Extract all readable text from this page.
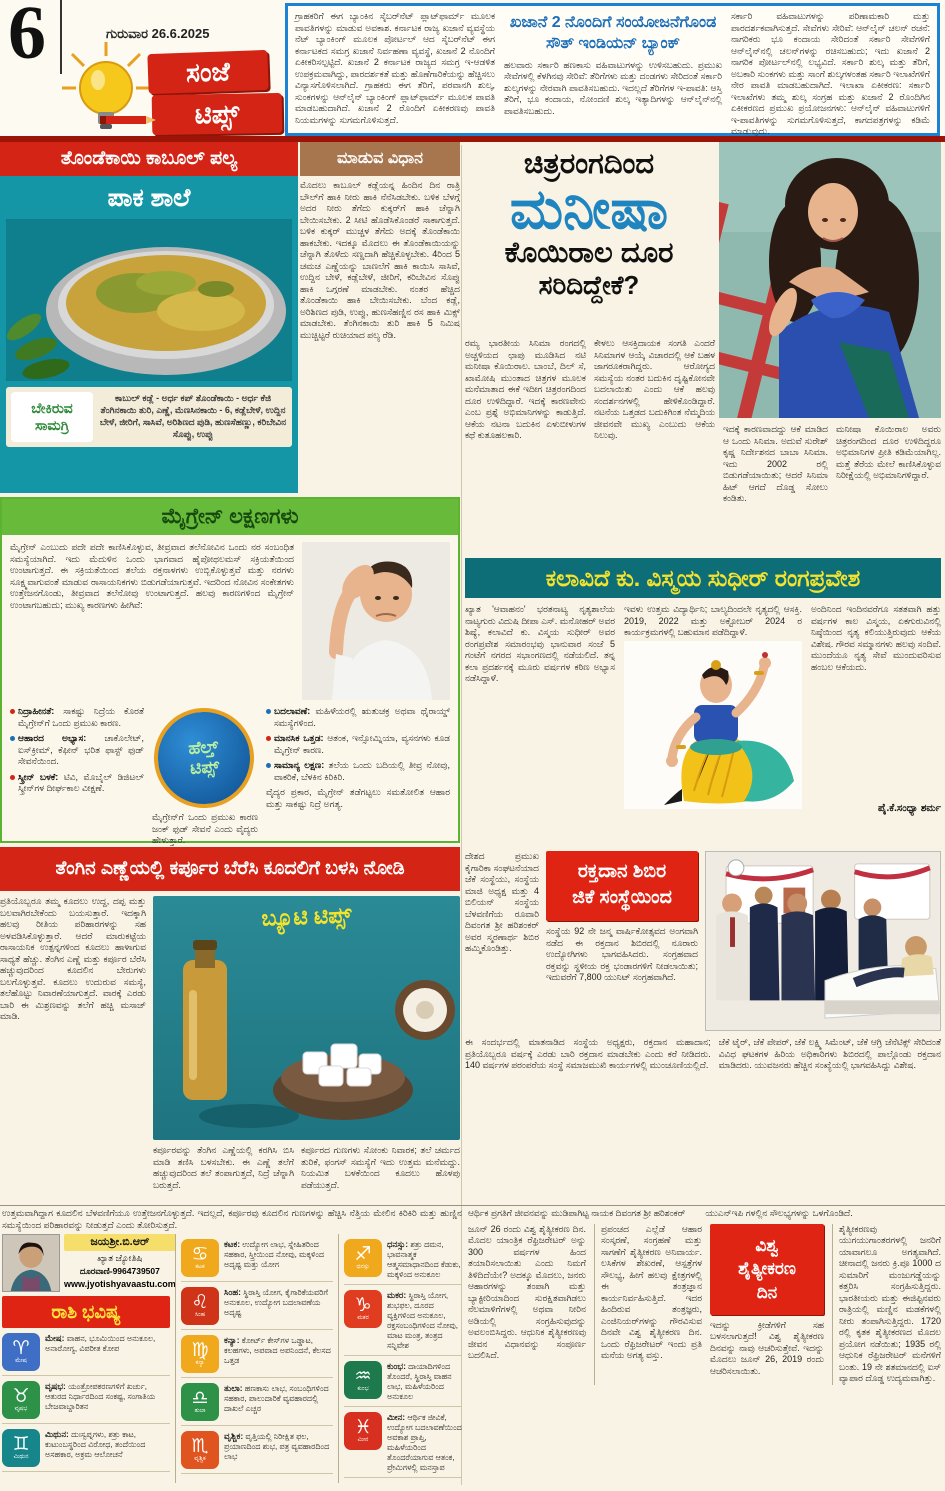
6	ಗುರುವಾರ 26.6.2025
ಸಂಜೆ
ಟಿಪ್ಸ್

ಗ್ರಾಹಕರಿಗೆ ಈಗ ಬ್ಯಾಂಕಿನ ಸೈಬರ್‌ನೆಟ್ ಪ್ಲಾಟ್‌ಫಾರ್ಮ್ ಮೂಲಕ ಪಾವತಿಗಳನ್ನು ಮಾಡುವ ಅವಕಾಶ. ಕರ್ನಾಟಕ ರಾಜ್ಯ ಖಜಾನೆ ವ್ಯವಸ್ಥೆಯ ನೆಟ್ ಬ್ಯಾಂಕಿಂಗ್ ಮೂಲಕ ಪೋರ್ಟಲ್ ಆದ ಸೈಬರ್‌ನೆಟ್ ಈಗ ಕರ್ನಾಟಕದ ಸಮಗ್ರ ಖಜಾನೆ ನಿರ್ವಹಣಾ ವ್ಯವಸ್ಥೆ, ಖಜಾನೆ 2 ನೊಂದಿಗೆ ಏಕೀಕರಿಸಲ್ಪಟ್ಟಿದೆ. ಖಜಾನೆ 2 ಕರ್ನಾಟಕ ರಾಜ್ಯದ ಸಮಗ್ರ ಇ-ಆಡಳಿತ ಉಪಕ್ರಮವಾಗಿದ್ದು, ಪಾರದರ್ಶಕತೆ ಮತ್ತು ಹೊಣೆಗಾರಿಕೆಯನ್ನು ಹೆಚ್ಚಿಸಲು ವಿನ್ಯಾಸಗೊಳಿಸಲಾಗಿದೆ. ಗ್ರಾಹಕರು ಈಗ ತೆರಿಗೆ, ಪರವಾನಗಿ ಶುಲ್ಕ, ಸುಂಕಗಳನ್ನು ಆನ್‌ಲೈನ್ ಬ್ಯಾಂಕಿಂಗ್ ಪ್ಲಾಟ್‌ಫಾರ್ಮ್ ಮೂಲಕ ಪಾವತಿ ಮಾಡಬಹುದಾಗಿದೆ. ಖಜಾನೆ 2 ರೊಂದಿಗೆ ಏಕೀಕರಣವು ಪಾವತಿ ನಿಯಮಗಳನ್ನು ಸುಗಮಗೊಳಿಸುತ್ತದೆ.

ಖಜಾನೆ 2 ನೊಂದಿಗೆ ಸಂಯೋಜನೆಗೊಂಡ ಸೌತ್ ಇಂಡಿಯನ್ ಬ್ಯಾಂಕ್

ಹಲವಾರು ಸರ್ಕಾರಿ ಹಣಕಾಸು ವಹಿವಾಟುಗಳನ್ನು ಉಳಿಸಬಹುದು. ಪ್ರಮುಖ ಸೇವೆಗಳಲ್ಲಿ ಕೆಳಗಿನವು ಸೇರಿವೆ: ತೆರಿಗೆಗಳು ಮತ್ತು ದಂಡಗಳು ಸೇರಿದಂತೆ ಸರ್ಕಾರಿ ಶುಲ್ಕಗಳನ್ನು ನೇರವಾಗಿ ಪಾವತಿಸಬಹುದು. ಇದಲ್ಲದೆ ತೆರಿಗೆಗಳ ಇ-ಪಾವತಿ: ಆಸ್ತಿ ತೆರಿಗೆ, ಭೂ ಕಂದಾಯ, ನೋಂದಣಿ ಶುಲ್ಕ ಇತ್ಯಾದಿಗಳನ್ನು ಆನ್‌ಲೈನ್‌ನಲ್ಲಿ ಪಾವತಿಸಬಹುದು.

ಸರ್ಕಾರಿ ವಹಿವಾಟುಗಳನ್ನು ಪರಿಣಾಮಕಾರಿ ಮತ್ತು ಪಾರದರ್ಶಕವಾಗಿಸುತ್ತದೆ. ಸೇವೆಗಳು ಸೇರಿವೆ: ಆನ್‌ಲೈನ್ ಚಲನ್ ರಚನೆ: ನಾಗರಿಕರು ಭೂ ಕಂದಾಯ ಸೇರಿದಂತೆ ಸರ್ಕಾರಿ ಸೇವೆಗಳಿಗೆ ಆನ್‌ಲೈನ್‌ನಲ್ಲಿ ಚಲನ್‌ಗಳನ್ನು ರಚಿಸಬಹುದು; ಇದು ಖಜಾನೆ 2 ನಾಗರಿಕ ಪೋರ್ಟಲ್‌ನಲ್ಲಿ ಲಭ್ಯವಿದೆ. ಸರ್ಕಾರಿ ಶುಲ್ಕ ಮತ್ತು ತೆರಿಗೆ, ಅಬಕಾರಿ ಸುಂಕಗಳು ಮತ್ತು ಸಾಂಗೆ ಶುಲ್ಕಗಳಂತಹ ಸರ್ಕಾರಿ ಇಲಾಖೆಗಳಿಗೆ ನೇರ ಪಾವತಿ ಮಾಡಬಹುದಾಗಿದೆ. ಇಲಾಖಾ ಏಕೀಕರಣ: ಸರ್ಕಾರಿ ಇಲಾಖೆಗಳು ತಮ್ಮ ಶುಲ್ಕ ಸಂಗ್ರಹ ಮತ್ತು ಖಜಾನೆ 2 ರೊಂದಿಗಿನ ಏಕೀಕರಣದ ಪ್ರಮುಖ ಪ್ರಯೋಜನಗಳು: ಆನ್‌ಲೈನ್ ವಹಿವಾಟುಗಳಿಗೆ ಇ-ಪಾವತಿಗಳನ್ನು ಸುಗಮಗೊಳಿಸುತ್ತದೆ, ಕಾಗದಪತ್ರಗಳನ್ನು ಕಡಿಮೆ ಮಾಡುವುದು.

ತೊಂಡೆಕಾಯಿ ಕಾಬೂಲ್ ಪಲ್ಯ
ಪಾಕ ಶಾಲೆ
ಬೇಕಿರುವ ಸಾಮಗ್ರಿ
ಕಾಬುಲ್ ಕಡ್ಲೆ - ಅರ್ಧ ಕಪ್ ತೊಂಡೆಕಾಯಿ - ಅರ್ಧ ಕೆಜಿ ತೆಂಗಿನಕಾಯಿ ತುರಿ, ಎಣ್ಣೆ, ಮೆಣಸಿನಕಾಯಿ - 6, ಕಡ್ಲೆಬೇಳೆ, ಉದ್ದಿನ ಬೇಳೆ, ಜೀರಿಗೆ, ಸಾಸಿವೆ, ಅರಿಶಿಣದ ಪುಡಿ, ಹುಣಸೆಹಣ್ಣು, ಕರಿಬೇವಿನ ಸೊಪ್ಪು, ಉಪ್ಪು
ಮಾಡುವ ವಿಧಾನ

ಮೊದಲು ಕಾಬೂಲ್ ಕಡ್ಲೆಯನ್ನ ಹಿಂದಿನ ದಿನ ರಾತ್ರಿ ಬೌಲ್‌ಗೆ ಹಾಕಿ ನೀರು ಹಾಕಿ ನೆನೆಸಿಡಬೇಕು. ಬಳಿಕ ಬೆಳಗ್ಗೆ ಅದರ ನೀರು ತೆಗೆದು ಕುಕ್ಕರ್‌ಗೆ ಹಾಕಿ ಚೆನ್ನಾಗಿ ಬೇಯಿಸಬೇಕು. 2 ಸೀಟಿ ಹೊಡೆಸಿಕೊಂಡರೆ ಸಾಕಾಗುತ್ತದೆ. ಬಳಿಕ ಕುಕ್ಕರ್ ಮುಚ್ಚಳ ತೆಗೆದು ಅದಕ್ಕೆ ತೊಂಡೆಕಾಯಿ ಹಾಕಬೇಕು. ಇದಕ್ಕೂ ಮೊದಲು ಈ ತೊಂಡೆಕಾಯಿಯನ್ನು ಚೆನ್ನಾಗಿ ತೊಳೆದು ಸಣ್ಣದಾಗಿ ಹೆಚ್ಚಿಕೊಳ್ಳಬೇಕು. 4ರಿಂದ 5 ಚಮಚ ಎಣ್ಣೆಯನ್ನು ಬಾಣಲೆಗೆ ಹಾಕಿ ಕಾಯಿಸಿ ಸಾಸಿವೆ, ಉದ್ದಿನ ಬೇಳೆ, ಕಡ್ಲೆಬೇಳೆ, ಜೀರಿಗೆ, ಕರಿಬೇವಿನ ಸೊಪ್ಪು ಹಾಕಿ ಒಗ್ಗರಣೆ ಮಾಡಬೇಕು. ನಂತರ ಹೆಚ್ಚಿದ ತೊಂಡೆಕಾಯಿ ಹಾಕಿ ಬೇಯಿಸಬೇಕು. ಬೆಂದ ಕಡ್ಲೆ, ಅರಿಶಿಣದ ಪುಡಿ, ಉಪ್ಪು, ಹುಣಸೆಹಣ್ಣಿನ ರಸ ಹಾಕಿ ಮಿಕ್ಸ್ ಮಾಡಬೇಕು. ತೆಂಗಿನಕಾಯಿ ತುರಿ ಹಾಕಿ 5 ನಿಮಿಷ ಮುಚ್ಚಿಟ್ಟರೆ ರುಚಿಯಾದ ಪಲ್ಯ ರೆಡಿ.

ಚಿತ್ರರಂಗದಿಂದ
ಮನೀಷಾ
ಕೊಯಿರಾಲ ದೂರ
ಸರಿದಿದ್ದೇಕೆ?

ರಮ್ಯ ಭಾರತೀಯ ಸಿನಿಮಾ ರಂಗದಲ್ಲಿ ಅಚ್ಚಳಿಯದ ಛಾಪು ಮೂಡಿಸಿದ ನಟಿ ಮನೀಷಾ ಕೊಯಿರಾಲ. ಬಾಂಬೆ, ದಿಲ್ ಸೆ, ಖಾಮೋಷಿ ಮುಂತಾದ ಚಿತ್ರಗಳ ಮೂಲಕ ಮನೆಮಾತಾದ ಈಕೆ ಇದೀಗ ಚಿತ್ರರಂಗದಿಂದ ದೂರ ಉಳಿದಿದ್ದಾರೆ. ಇದಕ್ಕೆ ಕಾರಣವೇನು ಎಂಬ ಪ್ರಶ್ನೆ ಅಭಿಮಾನಿಗಳನ್ನು ಕಾಡುತ್ತಿದೆ. ಆಕೆಯ ನಟನಾ ಬದುಕಿನ ಏಳುಬೀಳುಗಳ ಕಥೆ ಕುತೂಹಲಕಾರಿ.

ಕೇಳಲು ಆಸಕ್ತಿದಾಯಕ ಸಂಗತಿ ಎಂದರೆ ಸಿನಿಮಾಗಳ ಆಯ್ಕೆ ವಿಚಾರದಲ್ಲಿ ಆಕೆ ಬಹಳ ಜಾಗರೂಕರಾಗಿದ್ದರು. ಆರೋಗ್ಯದ ಸಮಸ್ಯೆಯ ನಂತರ ಬದುಕಿನ ದೃಷ್ಟಿಕೋನವೇ ಬದಲಾಯಿತು ಎಂದು ಆಕೆ ಹಲವು ಸಂದರ್ಶನಗಳಲ್ಲಿ ಹೇಳಿಕೊಂಡಿದ್ದಾರೆ. ನಟನೆಯ ಒತ್ತಡದ ಬದುಕಿಗಿಂತ ನೆಮ್ಮದಿಯ ಜೀವನವೇ ಮುಖ್ಯ ಎಂಬುದು ಆಕೆಯ ನಿಲುವು.

ಇದಕ್ಕೆ ಕಾರಣವಾದದ್ದು ಆಕೆ ಮಾಡಿದ ಆ ಒಂದು ಸಿನಿಮಾ. ಅದುವೆ ಸುರೇಶ್ ಕೃಷ್ಣ ನಿರ್ದೇಶನದ ಬಾಬಾ ಸಿನಿಮಾ. ಇದು 2002 ರಲ್ಲಿ ಬಿಡುಗಡೆಯಾಯಿತು; ಆದರೆ ಸಿನಿಮಾ ಹಿಟ್ ಆಗದೆ ದೊಡ್ಡ ಸೋಲು ಕಂಡಿತು.

ಮನೀಷಾ ಕೊಯಿರಾಲ ಅವರು ಚಿತ್ರರಂಗದಿಂದ ದೂರ ಉಳಿದಿದ್ದರೂ ಅಭಿಮಾನಿಗಳ ಪ್ರೀತಿ ಕಡಿಮೆಯಾಗಿಲ್ಲ. ಮತ್ತೆ ತೆರೆಯ ಮೇಲೆ ಕಾಣಿಸಿಕೊಳ್ಳುವ ನಿರೀಕ್ಷೆಯಲ್ಲಿ ಅಭಿಮಾನಿಗಳಿದ್ದಾರೆ.

ಮೈಗ್ರೇನ್ ಲಕ್ಷಣಗಳು

ಮೈಗ್ರೇನ್ ಎಂಬುದು ಪದೇ ಪದೇ ಕಾಣಿಸಿಕೊಳ್ಳುವ, ತೀವ್ರವಾದ ತಲೆನೋವಿನ ಒಂದು ನರ ಸಂಬಂಧಿತ ಸಮಸ್ಯೆಯಾಗಿದೆ. ಇದು ಮೆದುಳಿನ ಒಂದು ಭಾಗವಾದ ಹೈಪೋಥಲಮಸ್ ಸಕ್ರಿಯತೆಯಿಂದ ಉಂಟಾಗುತ್ತದೆ. ಈ ಸಕ್ರಿಯತೆಯಿಂದ ತಲೆಯ ರಕ್ತನಾಳಗಳು ಉಬ್ಬಿಕೊಳ್ಳುತ್ತವೆ ಮತ್ತು ನರಗಳು ಸೂಕ್ಷ್ಮವಾಗುವಂತೆ ಮಾಡುವ ರಾಸಾಯನಿಕಗಳು ಬಿಡುಗಡೆಯಾಗುತ್ತವೆ. ಇದರಿಂದ ನೋವಿನ ಸಂಕೇತಗಳು ಉತ್ತೇಜನಗೊಂಡು, ತೀವ್ರವಾದ ತಲೆನೋವು ಉಂಟಾಗುತ್ತದೆ. ಹಲವು ಕಾರಣಗಳಿಂದ ಮೈಗ್ರೇನ್ ಉಂಟಾಗಬಹುದು; ಮುಖ್ಯ ಕಾರಣಗಳು ಹೀಗಿವೆ:

ನಿದ್ರಾಹೀನತೆ: ಸಾಕಷ್ಟು ನಿದ್ರೆಯ ಕೊರತೆ ಮೈಗ್ರೇನ್‌ಗೆ ಒಂದು ಪ್ರಮುಖ ಕಾರಣ.

ಆಹಾರದ ಅಭ್ಯಾಸ: ಚಾಕೊಲೇಟ್, ಐಸ್‌ಕ್ರೀಮ್, ಕೆಫೀನ್ ಭರಿತ ಫಾಸ್ಟ್ ಫುಡ್ ಸೇವನೆಯಿಂದ.

ಸ್ಕ್ರೀನ್ ಬಳಕೆ: ಟಿವಿ, ಮೊಬೈಲ್ ಡಿಜಿಟಲ್ ಸ್ಕ್ರೀನ್‌ಗಳ ದೀರ್ಘಕಾಲ ವೀಕ್ಷಣೆ.

ಹೆಲ್ತ್
ಟಿಪ್ಸ್

ಮೈಗ್ರೇನ್‌ಗೆ ಒಂದು ಪ್ರಮುಖ ಕಾರಣ ಜಂಕ್ ಫುಡ್ ಸೇವನೆ ಎಂದು ವೈದ್ಯರು ಹೇಳುತ್ತಾರೆ.

ಬದಲಾವಣೆ: ಮಹಿಳೆಯರಲ್ಲಿ ಋತುಚಕ್ರ ಅಥವಾ ಥೈರಾಯ್ಡ್ ಸಮಸ್ಯೆಗಳಿಂದ.

ಮಾನಸಿಕ ಒತ್ತಡ: ಆತಂಕ, ಇನ್ಸೋಮ್ನಿಯಾ, ವ್ಯಸನಗಳು ಕೂಡ ಮೈಗ್ರೇನ್ ಕಾರಣ.

ಸಾಮಾನ್ಯ ಲಕ್ಷಣ: ತಲೆಯ ಒಂದು ಬದಿಯಲ್ಲಿ ತೀವ್ರ ನೋವು, ವಾಕರಿಕೆ, ಬೆಳಕಿನ ಕಿರಿಕಿರಿ.

ವೈದ್ಯರ ಪ್ರಕಾರ, ಮೈಗ್ರೇನ್ ತಡೆಗಟ್ಟಲು ಸಮತೋಲಿತ ಆಹಾರ ಮತ್ತು ಸಾಕಷ್ಟು ನಿದ್ರೆ ಅಗತ್ಯ.

ಕಲಾವಿದೆ ಕು. ವಿಸ್ಮಯ ಸುಧೀರ್ ರಂಗಪ್ರವೇಶ

ಖ್ಯಾತ 'ಆವಾಹನಂ' ಭರತನಾಟ್ಯ ನೃತ್ಯಶಾಲೆಯ ನಾಟ್ಯಗುರು ವಿದುಷಿ ದೀಪಾ ಎಸ್. ಮನೋಹರ್ ಅವರ ಶಿಷ್ಯೆ, ಕಲಾವಿದೆ ಕು. ವಿಸ್ಮಯ ಸುಧೀರ್ ಅವರ ರಂಗಪ್ರವೇಶ ಸಮಾರಂಭವು ಭಾನುವಾರ ಸಂಜೆ 5 ಗಂಟೆಗೆ ನಗರದ ಸಭಾಂಗಣದಲ್ಲಿ ನಡೆಯಲಿದೆ. ತನ್ನ ಕಲಾ ಪ್ರದರ್ಶನಕ್ಕೆ ಮೂರು ವರ್ಷಗಳ ಕಠಿಣ ಅಭ್ಯಾಸ ನಡೆಸಿದ್ದಾಳೆ.

ಇವಳು ಉತ್ತಮ ವಿದ್ಯಾರ್ಥಿನಿ; ಬಾಲ್ಯದಿಂದಲೇ ನೃತ್ಯದಲ್ಲಿ ಆಸಕ್ತಿ. 2019, 2022 ಮತ್ತು ಅಕ್ಟೋಬರ್ 2024 ರ ಕಾರ್ಯಕ್ರಮಗಳಲ್ಲಿ ಬಹುಮಾನ ಪಡೆದಿದ್ದಾಳೆ.

ಅಂದಿನಿಂದ ಇಂದಿನವರೆಗೂ ಸತತವಾಗಿ ಹತ್ತು ವರ್ಷಗಳ ಕಾಲ ವಿಸ್ಮಯ, ಏಕಗುರುವಿನಲ್ಲಿ ನಿಷ್ಠೆಯಿಂದ ನೃತ್ಯ ಕಲಿಯುತ್ತಿರುವುದು ಆಕೆಯ ವಿಶೇಷ. ಗೌರವ ಸಮ್ಮಾನಗಳು ಹಲವು ಸಂದಿವೆ. ಮುಂದೆಯೂ ನೃತ್ಯ ಸೇವೆ ಮುಂದುವರಿಸುವ ಹಂಬಲ ಆಕೆಯದು.

ಪೈ.ಕೆ.ಸಂಧ್ಯಾ ಶರ್ಮ
ತೆಂಗಿನ ಎಣ್ಣೆಯಲ್ಲಿ ಕರ್ಪೂರ ಬೆರೆಸಿ ಕೂದಲಿಗೆ ಬಳಸಿ ನೋಡಿ

ಪ್ರತಿಯೊಬ್ಬರೂ ತಮ್ಮ ಕೂದಲು ಉದ್ದ, ದಪ್ಪ ಮತ್ತು ಬಲವಾಗಿರಬೇಕೆಂದು ಬಯಸುತ್ತಾರೆ. ಇದಕ್ಕಾಗಿ ಹಲವು ರೀತಿಯ ಪರಿಹಾರಗಳನ್ನು ಸಹ ಅಳವಡಿಸಿಕೊಳ್ಳುತ್ತಾರೆ. ಆದರೆ ಮಾರುಕಟ್ಟೆಯ ರಾಸಾಯನಿಕ ಉತ್ಪನ್ನಗಳಿಂದ ಕೂದಲು ಹಾಳಾಗುವ ಸಾಧ್ಯತೆ ಹೆಚ್ಚು. ತೆಂಗಿನ ಎಣ್ಣೆ ಮತ್ತು ಕರ್ಪೂರ ಬೆರೆಸಿ ಹಚ್ಚುವುದರಿಂದ ಕೂದಲಿನ ಬೇರುಗಳು ಬಲಗೊಳ್ಳುತ್ತವೆ. ಕೂದಲು ಉದುರುವ ಸಮಸ್ಯೆ, ತಲೆಹೊಟ್ಟು ನಿವಾರಣೆಯಾಗುತ್ತದೆ. ವಾರಕ್ಕೆ ಎರಡು ಬಾರಿ ಈ ಮಿಶ್ರಣವನ್ನು ತಲೆಗೆ ಹಚ್ಚಿ ಮಸಾಜ್ ಮಾಡಿ.

ಬ್ಯೂಟಿ ಟಿಪ್ಸ್

ಕರ್ಪೂರವನ್ನು ತೆಂಗಿನ ಎಣ್ಣೆಯಲ್ಲಿ ಕರಗಿಸಿ ಬಿಸಿ ಮಾಡಿ ತಣಿಸಿ ಬಳಸಬೇಕು. ಈ ಎಣ್ಣೆ ತಲೆಗೆ ಹಚ್ಚುವುದರಿಂದ ತಲೆ ತಂಪಾಗುತ್ತದೆ, ನಿದ್ರೆ ಚೆನ್ನಾಗಿ ಬರುತ್ತದೆ.

ಕರ್ಪೂರದ ಗುಣಗಳು ಸೋಂಕು ನಿವಾರಕ; ತಲೆ ಚರ್ಮದ ತುರಿಕೆ, ಫಂಗಸ್ ಸಮಸ್ಯೆಗೆ ಇದು ಉತ್ತಮ ಮನೆಮದ್ದು. ನಿಯಮಿತ ಬಳಕೆಯಿಂದ ಕೂದಲು ಹೊಳಪು ಪಡೆಯುತ್ತದೆ.

ದೇಶದ ಪ್ರಮುಖ ಕೈಗಾರಿಕಾ ಸಂಘಟನೆಯಾದ ಜೆಕೆ ಸಂಸ್ಥೆಯು, ಸಂಸ್ಥೆಯ ಮಾಜಿ ಅಧ್ಯಕ್ಷ ಮತ್ತು 4 ಬಿಲಿಯನ್ ಸಂಸ್ಥೆಯ ಬೆಳವಣಿಗೆಯ ರೂವಾರಿ ದಿವಂಗತ ಶ್ರೀ ಹರಿಶಂಕರ್ ಅವರ ಸ್ಮರಣಾರ್ಥ ಶಿಬಿರ ಹಮ್ಮಿಕೊಂಡಿತ್ತು.

ರಕ್ತದಾನ ಶಿಬಿರ
ಜಿಕೆ ಸಂಸ್ಥೆಯಿಂದ

ಸಂಸ್ಥೆಯ 92 ನೇ ಜನ್ಮ ವಾರ್ಷಿಕೋತ್ಸವದ ಅಂಗವಾಗಿ ನಡೆದ ಈ ರಕ್ತದಾನ ಶಿಬಿರದಲ್ಲಿ ನೂರಾರು ಉದ್ಯೋಗಿಗಳು ಭಾಗವಹಿಸಿದರು. ಸಂಗ್ರಹವಾದ ರಕ್ತವನ್ನು ಸ್ಥಳೀಯ ರಕ್ತ ಭಂಡಾರಗಳಿಗೆ ನೀಡಲಾಯಿತು; ಇದುವರೆಗೆ 7,800 ಯುನಿಟ್ ಸಂಗ್ರಹವಾಗಿದೆ.

ಈ ಸಂದರ್ಭದಲ್ಲಿ ಮಾತನಾಡಿದ ಸಂಸ್ಥೆಯ ಅಧ್ಯಕ್ಷರು, ರಕ್ತದಾನ ಮಹಾದಾನ; ಪ್ರತಿಯೊಬ್ಬರೂ ವರ್ಷಕ್ಕೆ ಎರಡು ಬಾರಿ ರಕ್ತದಾನ ಮಾಡಬೇಕು ಎಂದು ಕರೆ ನೀಡಿದರು. 140 ವರ್ಷಗಳ ಪರಂಪರೆಯ ಸಂಸ್ಥೆ ಸಮಾಜಮುಖಿ ಕಾರ್ಯಗಳಲ್ಲಿ ಮುಂಚೂಣಿಯಲ್ಲಿದೆ.

ಜೆಕೆ ಟೈರ್, ಜೆಕೆ ಪೇಪರ್, ಜೆಕೆ ಲಕ್ಷ್ಮಿ ಸಿಮೆಂಟ್, ಜೆಕೆ ಆಗ್ರಿ ಜೆನೆಟಿಕ್ಸ್ ಸೇರಿದಂತೆ ವಿವಿಧ ಘಟಕಗಳ ಹಿರಿಯ ಅಧಿಕಾರಿಗಳು ಶಿಬಿರದಲ್ಲಿ ಪಾಲ್ಗೊಂಡು ರಕ್ತದಾನ ಮಾಡಿದರು. ಯುವಜನರು ಹೆಚ್ಚಿನ ಸಂಖ್ಯೆಯಲ್ಲಿ ಭಾಗವಹಿಸಿದ್ದು ವಿಶೇಷ.

ಉತ್ತಮವಾಗಿದ್ದಾಗ ಕೂದಲಿನ ಬೆಳವಣಿಗೆಯೂ ಉತ್ತೇಜನಗೊಳ್ಳುತ್ತದೆ. ಇದಲ್ಲದೆ, ಕರ್ಪೂರವು ಕೂದಲಿನ ಗುಣಗಳನ್ನು ಹೆಚ್ಚಿಸಿ ನೆತ್ತಿಯ ಮೇಲಿನ ಕಿರಿಕಿರಿ ಮತ್ತು ಹುಣ್ಣಿನ ಸಮಸ್ಯೆಯಿಂದ ಪರಿಹಾರವನ್ನು ನೀಡುತ್ತದೆ ಎಂದು ತೋರಿಸುತ್ತದೆ.

ಜಯಶ್ರೀ.ಬಿ.ಆರ್
ಖ್ಯಾತ ಜ್ಯೋತಿಷಿ
ದೂರವಾಣಿ-9964739507
www.jyotishyavaastu.com
ರಾಶಿ ಭವಿಷ್ಯ
♈
ಮೇಷ

ಮೇಷ: ವಾಹನ, ಭೂಮಿಯಿಂದ ಅನುಕೂಲ, ಅನಾರೋಗ್ಯ, ವಿಪರೀತ ಕೋಪ

♉
ವೃಷಭ

ವೃಷಭ: ಯಂತ್ರೋಪಕರಣಗಳಿಗೆ ಖರ್ಚು, ಆತುರದ ನಿರ್ಧಾರದಿಂದ ಸಂಕಷ್ಟ, ಸಂಗಾತಿಯ ಬೇಜವಾಬ್ದಾರಿತನ

♊
ಮಿಥುನ

ಮಿಥುನ: ದುಃಸ್ವಪ್ನಗಳು, ಶತ್ರು ಕಾಟ, ಕುಟುಂಬಸ್ಥರಿಂದ ವಿರೋಧ, ತಂದೆಯಿಂದ ಅಸಹಕಾರ, ಅಕ್ರಮ ಆಲೋಚನೆ

♋
ಕಟಕ

ಕಟಕ: ಉದ್ಯೋಗ ಲಾಭ, ಸ್ನೇಹಿತರಿಂದ ಸಹಕಾರ, ಸ್ತ್ರೀಯಿಂದ ನೋವು, ಮಕ್ಕಳಿಂದ ಅದೃಷ್ಟ ಮತ್ತು ಯೋಗ

♌
ಸಿಂಹ

ಸಿಂಹ: ಸ್ಥಿರಾಸ್ತಿ ಯೋಗ, ಕೈಗಾರಿಕೆಯವರಿಗೆ ಅನುಕೂಲ, ಉದ್ಯೋಗ ಬದಲಾವಣೆಯ ಅದೃಷ್ಟ

♍
ಕನ್ಯಾ

ಕನ್ಯಾ: ಕೋರ್ಟ್ ಕೇಸ್‌ಗಳ ಒಡ್ಡಾಟ, ಕಲಹಗಳು, ಅಪವಾದ ಅಪನಿಂದನೆ, ಕೆಲಸದ ಒತ್ತಡ

♎
ತುಲಾ

ತುಲಾ: ಹಣಕಾಸು ಲಾಭ, ಸಂಬಂಧಿಗಳಿಂದ ಸಹಕಾರ, ಪಾಲುದಾರಿಕೆ ವ್ಯವಹಾರದಲ್ಲಿ ದಾಖಲೆ ಎಚ್ಚರ

♏
ವೃಶ್ಚಿಕ

ವೃಶ್ಚಿಕ: ವೃತ್ತಿಯಲ್ಲಿ ನಿರೀಕ್ಷಿತ ಫಲ, ಪ್ರಯಾಣದಿಂದ ಶುಭ, ಪತ್ರ ವ್ಯವಹಾರದಿಂದ ಲಾಭ

♐
ಧನಸ್ಸು

ಧನಸ್ಸು: ಶತ್ರು ದಮನ, ಭಾವನಾತ್ಮಕ ಆತ್ಮಸಮಾಧಾನದಿಂದ ಕೆಡುಕು, ಮಕ್ಕಳಿಂದ ಅನುಕೂಲ

♑
ಮಕರ

ಮಕರ: ಸ್ಥಿರಾಸ್ತಿ ಯೋಗ, ಶುಭಫಲ, ದೂರದ ವ್ಯಕ್ತಿಗಳಿಂದ ಅನುಕೂಲ, ರಕ್ತಸಂಬಂಧಿಗಳಿಂದ ನೋವು, ಮಾಟ ಮಂತ್ರ, ತಂತ್ರದ ಸನ್ನಿವೇಶ

♒
ಕುಂಭ

ಕುಂಭ: ದಾಯಾದಿಗಳಿಂದ ತೊಂದರೆ, ಸ್ಥಿರಾಸ್ತಿ ವಾಹನ ಲಾಭ, ಮಹಿಳೆಯರಿಂದ ಅನುಕೂಲ

♓
ಮೀನ

ಮೀನ: ಆರ್ಥಿಕ ಜೀವಿಕೆ, ಉದ್ಯೋಗ ಬದಲಾವಣೆಯಿಂದ ಅವಕಾಶ ಪ್ರಾಪ್ತಿ, ಮಹಿಳೆಯರಿಂದ ತೊಂದರೆಯಾಗುವ ಆತಂಕ, ಪ್ರೇಮಿಗಳಲ್ಲಿ ಮನಸ್ತಾಪ

ಆರ್ಥಿಕ ಪ್ರಗತಿಗೆ ಜೀವನವನ್ನು ಮುಡಿಪಾಗಿಟ್ಟ ನಾಯಕ ದಿವಂಗತ ಶ್ರೀ ಹರಿಶಂಕರ್ ಯುಎನ್‌ಇಪಿ ಗಳಲ್ಲಿನ ಸೌಲಭ್ಯಗಳನ್ನು ಒಳಗೊಂಡಿದೆ.

ಜೂನ್ 26 ರಂದು ವಿಶ್ವ ಶೈತ್ಯೀಕರಣ ದಿನ. ಮೊದಲ ಯಾಂತ್ರಿಕ ರೆಫ್ರಿಜರೇಟರ್ ಅನ್ನು 300 ವರ್ಷಗಳ ಹಿಂದ ತಯಾರಿಸಲಾಯಿತು ಎಂದು ನಿಮಗೆ ತಿಳಿದಿದೆಯೇ? ಅದಕ್ಕೂ ಮೊದಲು, ಜನರು ಆಹಾರಗಳನ್ನು ತಂಪಾಗಿ ಮತ್ತು ಬ್ಯಾಕ್ಟೀರಿಯಾದಿಂದ ಸುರಕ್ಷಿತವಾಗಿಡಲು ನೆಲಮಾಳಿಗೆಗಳಲ್ಲಿ ಅಥವಾ ನೀರಿನ ಅಡಿಯಲ್ಲಿ ಸಂಗ್ರಹಿಸುವುದನ್ನು ಅವಲಂಬಿಸಿದ್ದರು. ಆಧುನಿಕ ಶೈತ್ಯೀಕರಣವು ಜೀವನ ವಿಧಾನವನ್ನು ಸಂಪೂರ್ಣ ಬದಲಿಸಿದೆ.

ಪ್ರಪಂಚದ ಎಲ್ಲೆಡೆ ಆಹಾರ ಸಂಸ್ಕರಣೆ, ಸಂಗ್ರಹಣೆ ಮತ್ತು ಸಾಗಣೆಗೆ ಶೈತ್ಯೀಕರಣ ಅನಿವಾರ್ಯ. ಲಸಿಕೆಗಳ ಶೇಖರಣೆ, ಆಸ್ಪತ್ರೆಗಳ ಸೌಲಭ್ಯ, ಹೀಗೆ ಹಲವು ಕ್ಷೇತ್ರಗಳಲ್ಲಿ ಈ ತಂತ್ರಜ್ಞಾನ ಕಾರ್ಯನಿರ್ವಹಿಸುತ್ತಿದೆ. ಇದರ ಹಿಂದಿರುವ ತಂತ್ರಜ್ಞರು, ಎಂಜಿನಿಯರ್‌ಗಳನ್ನು ಗೌರವಿಸುವ ದಿನವೇ ವಿಶ್ವ ಶೈತ್ಯೀಕರಣ ದಿನ. ಒಂದು ರೆಫ್ರಿಜರೇಟರ್ ಇಂದು ಪ್ರತಿ ಮನೆಯ ಅಗತ್ಯ ವಸ್ತು.

ವಿಶ್ವ
ಶೈತ್ಯೀಕರಣ
ದಿನ

ಇದನ್ನು ಕ್ರೀಡೆಗಳಿಗೆ ಸಹ ಬಳಸಲಾಗುತ್ತದೆ! ವಿಶ್ವ ಶೈತ್ಯೀಕರಣ ದಿನವನ್ನು ನಾವು ಆಚರಿಸುತ್ತೇವೆ. ಇದನ್ನು ಮೊದಲು ಜೂನ್ 26, 2019 ರಂದು ಆಚರಿಸಲಾಯಿತು.

ಶೈತ್ಯೀಕರಣವು ಯುಗಯುಗಾಂತರಗಳಲ್ಲಿ ಜನರಿಗೆ ಯಾವಾಗಲೂ ಅಗತ್ಯವಾಗಿದೆ. ಚೀನಾದಲ್ಲಿ ಜನರು ಕ್ರಿ.ಪೂ 1000 ದ ಸುಮಾರಿಗೆ ಮಂಜುಗಡ್ಡೆಯನ್ನು ಕತ್ತರಿಸಿ ಸಂಗ್ರಹಿಸುತ್ತಿದ್ದರು. ಭಾರತೀಯರು ಮತ್ತು ಈಜಿಪ್ಟಿನವರು ರಾತ್ರಿಯಲ್ಲಿ ಮಣ್ಣಿನ ಮಡಕೆಗಳಲ್ಲಿ ನೀರು ತಂಪಾಗಿಸುತ್ತಿದ್ದರು. 1720 ರಲ್ಲಿ ಕೃತಕ ಶೈತ್ಯೀಕರಣದ ಮೊದಲ ಪ್ರಯೋಗ ನಡೆಯಿತು; 1935 ರಲ್ಲಿ ಆಧುನಿಕ ರೆಫ್ರಿಜರೇಟರ್ ಮನೆಗಳಿಗೆ ಬಂತು. 19 ನೇ ಶತಮಾನದಲ್ಲಿ ಐಸ್ ವ್ಯಾಪಾರ ದೊಡ್ಡ ಉದ್ಯಮವಾಗಿತ್ತು.
